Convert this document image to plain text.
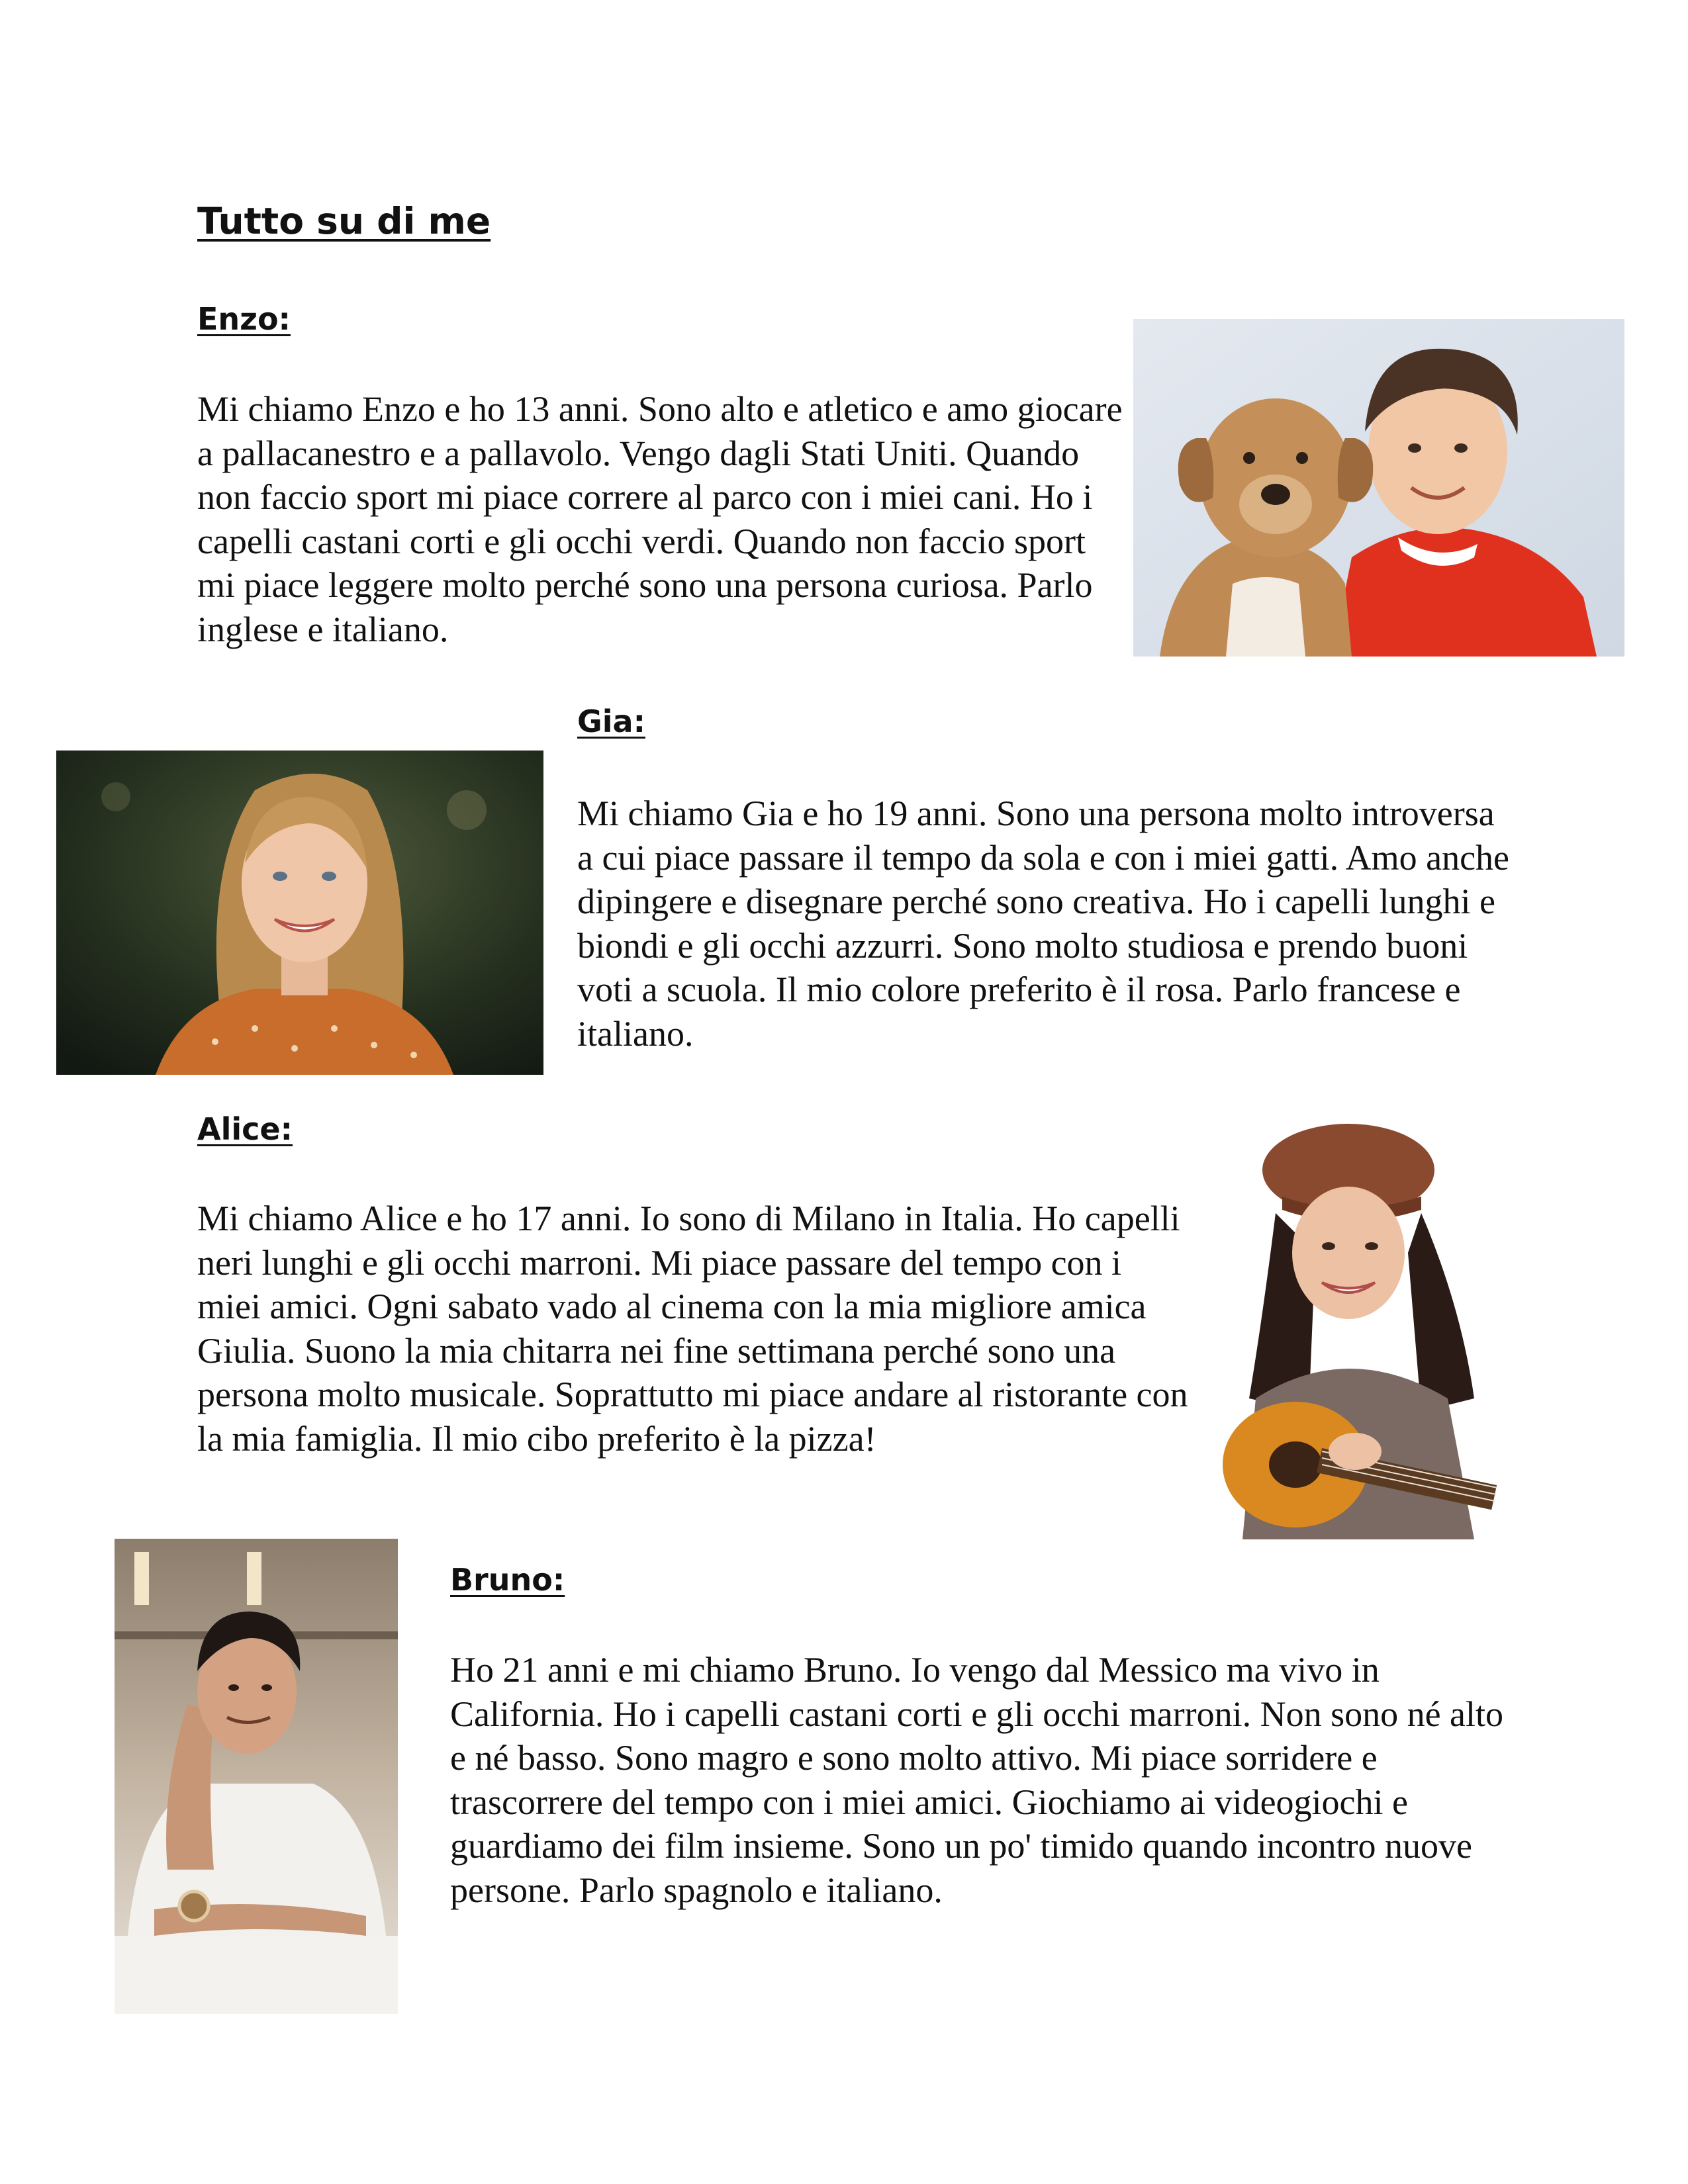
Tutto su di me
Enzo:

Mi chiamo Enzo e ho 13 anni. Sono alto e atletico e amo giocare a pallacanestro e a pallavolo. Vengo dagli Stati Uniti. Quando non faccio sport mi piace correre al parco con i miei cani. Ho i capelli castani corti e gli occhi verdi. Quando non faccio sport mi piace leggere molto perché sono una persona curiosa. Parlo inglese e italiano.

Gia:

Mi chiamo Gia e ho 19 anni. Sono una persona molto introversa a cui piace passare il tempo da sola e con i miei gatti. Amo anche dipingere e disegnare perché sono creativa. Ho i capelli lunghi e biondi e gli occhi azzurri. Sono molto studiosa e prendo buoni voti a scuola. Il mio colore preferito è il rosa. Parlo francese e italiano.

Alice:

Mi chiamo Alice e ho 17 anni. Io sono di Milano in Italia. Ho capelli neri lunghi e gli occhi marroni. Mi piace passare del tempo con i miei amici. Ogni sabato vado al cinema con la mia migliore amica Giulia. Suono la mia chitarra nei fine settimana perché sono una persona molto musicale. Soprattutto mi piace andare al ristorante con la mia famiglia. Il mio cibo preferito è la pizza!

Bruno:

Ho 21 anni e mi chiamo Bruno. Io vengo dal Messico ma vivo in California. Ho i capelli castani corti e gli occhi marroni. Non sono né alto e né basso. Sono magro e sono molto attivo. Mi piace sorridere e trascorrere del tempo con i miei amici. Giochiamo ai videogiochi e guardiamo dei film insieme. Sono un po' timido quando incontro nuove persone. Parlo spagnolo e italiano.
